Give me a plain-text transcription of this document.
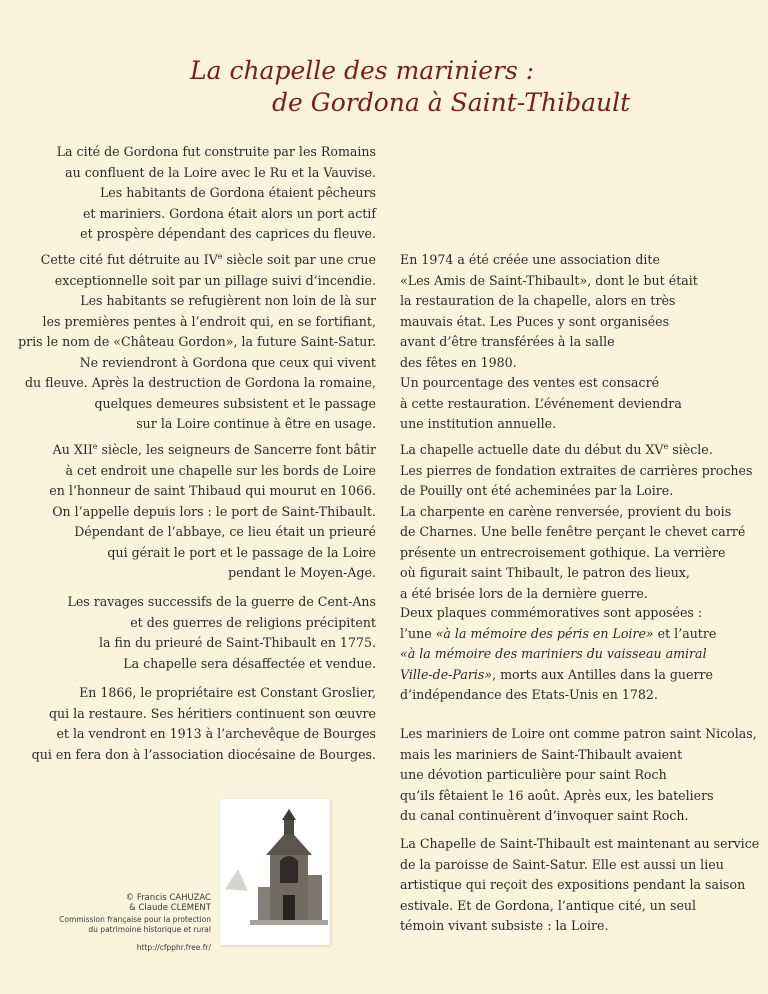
La chapelle des mariniers :
de Gordona à Saint-Thibault
La cité de Gordona fut construite par les Romains
au confluent de la Loire avec le Ru et la Vauvise.
Les habitants de Gordona étaient pêcheurs
et mariniers. Gordona était alors un port actif
et prospère dépendant des caprices du fleuve.
Cette cité fut détruite au IVe siècle soit par une crue
exceptionnelle soit par un pillage suivi d’incendie.
Les habitants se refugièrent non loin de là sur
les premières pentes à l’endroit qui, en se fortifiant,
pris le nom de «Château Gordon», la future Saint-Satur.
Ne reviendront à Gordona que ceux qui vivent
du fleuve. Après la destruction de Gordona la romaine,
quelques demeures subsistent et le passage
sur la Loire continue à être en usage.
Au XIIe siècle, les seigneurs de Sancerre font bâtir
à cet endroit une chapelle sur les bords de Loire
en l’honneur de saint Thibaud qui mourut en 1066.
On l’appelle depuis lors : le port de Saint-Thibault.
Dépendant de l’abbaye, ce lieu était un prieuré
qui gérait le port et le passage de la Loire
pendant le Moyen-Age.
Les ravages successifs de la guerre de Cent-Ans
et des guerres de religions précipitent
la fin du prieuré de Saint-Thibault en 1775.
La chapelle sera désaffectée et vendue.
En 1866, le propriétaire est Constant Groslier,
qui la restaure. Ses héritiers continuent son œuvre
et la vendront en 1913 à l’archevêque de Bourges
qui en fera don à l’association diocésaine de Bourges.

© Francis CAHUZAC
& Claude CLEMENT

Commission française pour la protection
du patrimoine historique et rural

http://cfpphr.free.fr/

En 1974 a été créée une association dite
«Les Amis de Saint-Thibault», dont le but était
la restauration de la chapelle, alors en très
mauvais état. Les Puces y sont organisées
avant d’être transférées à la salle
des fêtes en 1980.
Un pourcentage des ventes est consacré
à cette restauration. L’événement deviendra
une institution annuelle.
La chapelle actuelle date du début du XVe siècle.
Les pierres de fondation extraites de carrières proches
de Pouilly ont été acheminées par la Loire.
La charpente en carène renversée, provient du bois
de Charnes. Une belle fenêtre perçant le chevet carré
présente un entrecroisement gothique. La verrière
où figurait saint Thibault, le patron des lieux,
a été brisée lors de la dernière guerre.
Deux plaques commémoratives sont apposées :
l’une «à la mémoire des péris en Loire» et l’autre
«à la mémoire des mariniers du vaisseau amiral
Ville-de-Paris», morts aux Antilles dans la guerre
d’indépendance des Etats-Unis en 1782.
Les mariniers de Loire ont comme patron saint Nicolas,
mais les mariniers de Saint-Thibault avaient
une dévotion particulière pour saint Roch
qu’ils fêtaient le 16 août. Après eux, les bateliers
du canal continuèrent d’invoquer saint Roch.
La Chapelle de Saint-Thibault est maintenant au service
de la paroisse de Saint-Satur. Elle est aussi un lieu
artistique qui reçoit des expositions pendant la saison
estivale. Et de Gordona, l’antique cité, un seul
témoin vivant subsiste : la Loire.
